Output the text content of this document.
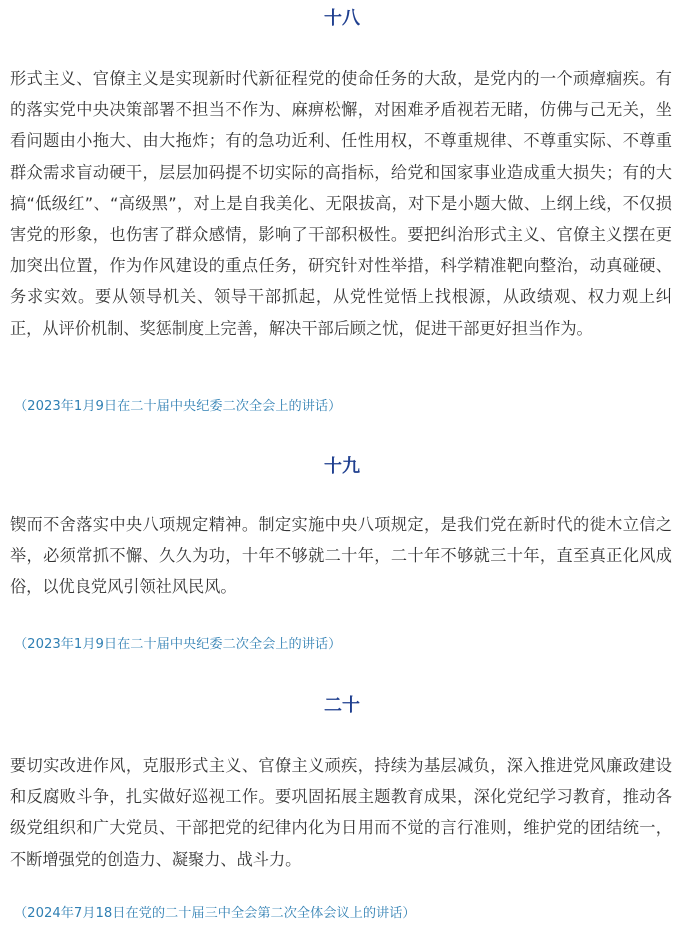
十八

形式主义、官僚主义是实现新时代新征程党的使命任务的大敌，是党内的一个顽瘴痼疾。有的落实党中央决策部署不担当不作为、麻痹松懈，对困难矛盾视若无睹，仿佛与己无关，坐看问题由小拖大、由大拖炸；有的急功近利、任性用权，不尊重规律、不尊重实际、不尊重群众需求盲动硬干，层层加码提不切实际的高指标，给党和国家事业造成重大损失；有的大搞“低级红”、“高级黑”，对上是自我美化、无限拔高，对下是小题大做、上纲上线，不仅损害党的形象，也伤害了群众感情，影响了干部积极性。要把纠治形式主义、官僚主义摆在更加突出位置，作为作风建设的重点任务，研究针对性举措，科学精准靶向整治，动真碰硬、务求实效。要从领导机关、领导干部抓起，从党性觉悟上找根源，从政绩观、权力观上纠正，从评价机制、奖惩制度上完善，解决干部后顾之忧，促进干部更好担当作为。

（2023年1月9日在二十届中央纪委二次全会上的讲话）

十九

锲而不舍落实中央八项规定精神。制定实施中央八项规定，是我们党在新时代的徙木立信之举，必须常抓不懈、久久为功，十年不够就二十年，二十年不够就三十年，直至真正化风成俗，以优良党风引领社风民风。

（2023年1月9日在二十届中央纪委二次全会上的讲话）

二十

要切实改进作风，克服形式主义、官僚主义顽疾，持续为基层减负，深入推进党风廉政建设和反腐败斗争，扎实做好巡视工作。要巩固拓展主题教育成果，深化党纪学习教育，推动各级党组织和广大党员、干部把党的纪律内化为日用而不觉的言行准则，维护党的团结统一，不断增强党的创造力、凝聚力、战斗力。

（2024年7月18日在党的二十届三中全会第二次全体会议上的讲话）
